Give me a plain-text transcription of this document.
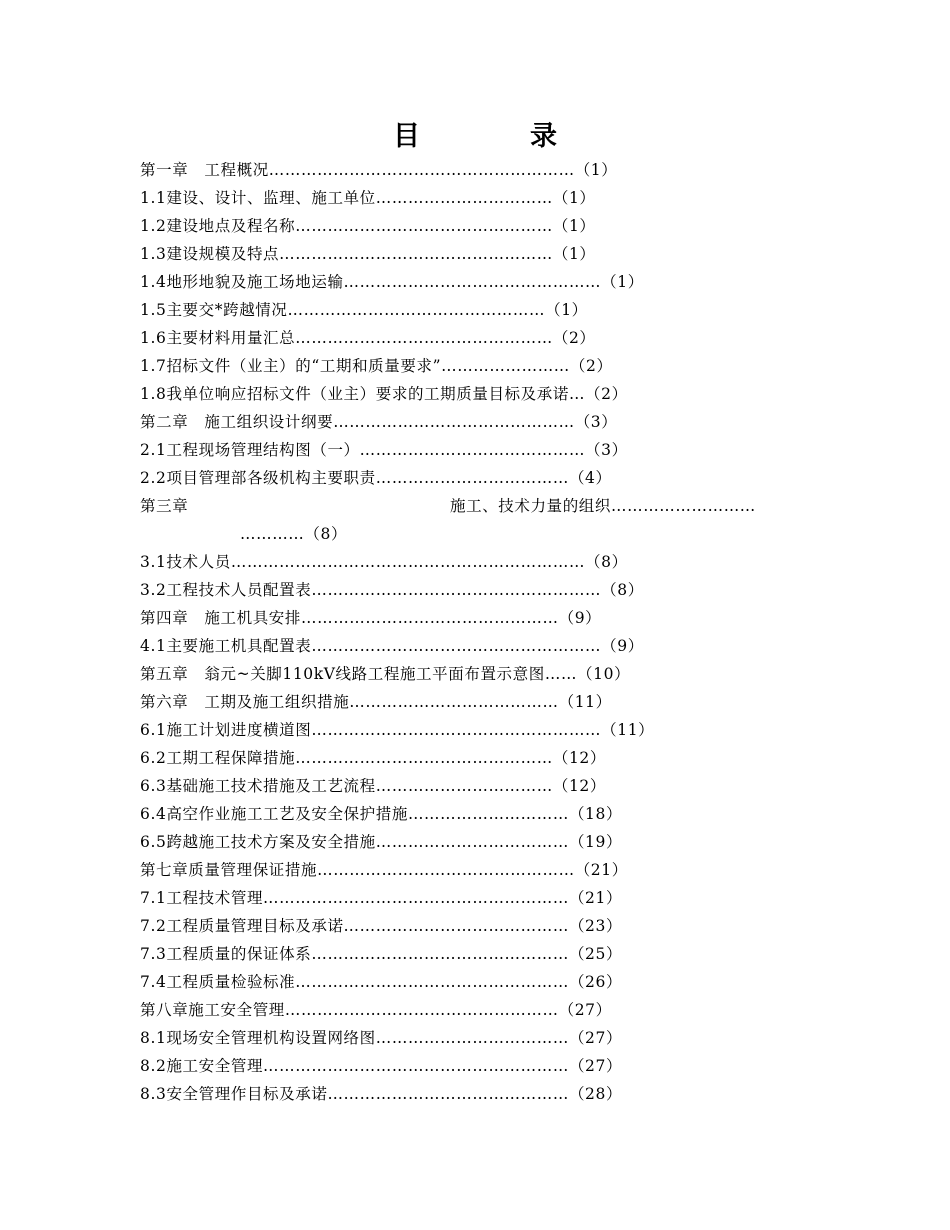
目	录
第一章　工程概况…………………………………………………（1）
1.1建设、设计、监理、施工单位……………………………（1）
1.2建设地点及程名称…………………………………………（1）
1.3建设规模及特点……………………………………………（1）
1.4地形地貌及施工场地运输…………………………………………（1）
1.5主要交*跨越情况…………………………………………（1）
1.6主要材料用量汇总…………………………………………（2）
1.7招标文件（业主）的“工期和质量要求”……………………（2）
1.8我单位响应招标文件（业主）要求的工期质量目标及承诺…（2）
第二章　施工组织设计纲要………………………………………（3）
2.1工程现场管理结构图（一）……………………………………（3）
2.2项目管理部各级机构主要职责………………………………（4）
第三章	施工、技术力量的组织………………………
…………（8）
3.1技术人员…………………………………………………………（8）
3.2工程技术人员配置表………………………………………………（8）
第四章　施工机具安排…………………………………………（9）
4.1主要施工机具配置表………………………………………………（9）
第五章　翁元~关脚110kV线路工程施工平面布置示意图……（10）
第六章　工期及施工组织措施…………………………………（11）
6.1施工计划进度横道图………………………………………………（11）
6.2工期工程保障措施…………………………………………（12）
6.3基础施工技术措施及工艺流程……………………………（12）
6.4高空作业施工工艺及安全保护措施…………………………（18）
6.5跨越施工技术方案及安全措施………………………………（19）
第七章质量管理保证措施…………………………………………（21）
7.1工程技术管理…………………………………………………（21）
7.2工程质量管理目标及承诺……………………………………（23）
7.3工程质量的保证体系…………………………………………（25）
7.4工程质量检验标准……………………………………………（26）
第八章施工安全管理……………………………………………（27）
8.1现场安全管理机构设置网络图………………………………（27）
8.2施工安全管理…………………………………………………（27）
8.3安全管理作目标及承诺………………………………………（28）
